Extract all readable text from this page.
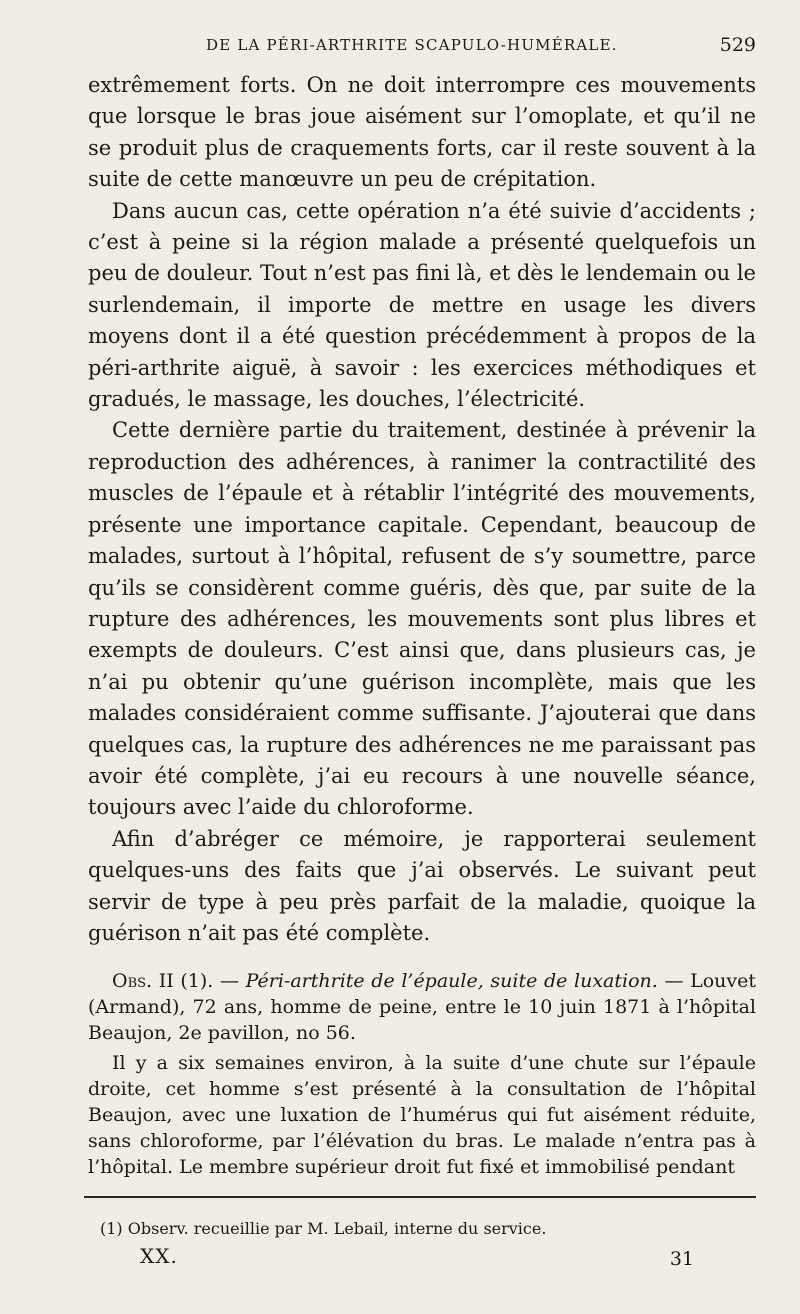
DE LA PÉRI-ARTHRITE SCAPULO-HUMÉRALE.	529

extrêmement forts. On ne doit interrompre ces mouvements que lorsque le bras joue aisément sur l’omoplate, et qu’il ne se produit plus de craquements forts, car il reste souvent à la suite de cette manœuvre un peu de crépitation.

Dans aucun cas, cette opération n’a été suivie d’accidents ; c’est à peine si la région malade a présenté quelquefois un peu de douleur. Tout n’est pas fini là, et dès le lendemain ou le surlendemain, il importe de mettre en usage les divers moyens dont il a été question précédemment à propos de la péri-arthrite aiguë, à savoir : les exercices méthodiques et gradués, le massage, les douches, l’électricité.

Cette dernière partie du traitement, destinée à prévenir la reproduction des adhérences, à ranimer la contractilité des muscles de l’épaule et à rétablir l’intégrité des mouvements, présente une importance capitale. Cependant, beaucoup de malades, surtout à l’hôpital, refusent de s’y soumettre, parce qu’ils se considèrent comme guéris, dès que, par suite de la rupture des adhérences, les mouvements sont plus libres et exempts de douleurs. C’est ainsi que, dans plusieurs cas, je n’ai pu obtenir qu’une guérison incomplète, mais que les malades considéraient comme suffisante. J’ajouterai que dans quelques cas, la rupture des adhérences ne me paraissant pas avoir été complète, j’ai eu recours à une nouvelle séance, toujours avec l’aide du chloroforme.

Afin d’abréger ce mémoire, je rapporterai seulement quelques-uns des faits que j’ai observés. Le suivant peut servir de type à peu près parfait de la maladie, quoique la guérison n’ait pas été complète.

Obs. II (1). — Péri-arthrite de l’épaule, suite de luxation. — Louvet (Armand), 72 ans, homme de peine, entre le 10 juin 1871 à l’hôpital Beaujon, 2e pavillon, no 56.

Il y a six semaines environ, à la suite d’une chute sur l’épaule droite, cet homme s’est présenté à la consultation de l’hôpital Beaujon, avec une luxation de l’humérus qui fut aisément réduite, sans chloroforme, par l’élévation du bras. Le malade n’entra pas à l’hôpital. Le membre supérieur droit fut fixé et immobilisé pendant

(1) Observ. recueillie par M. Lebail, interne du service.
XX.	31
